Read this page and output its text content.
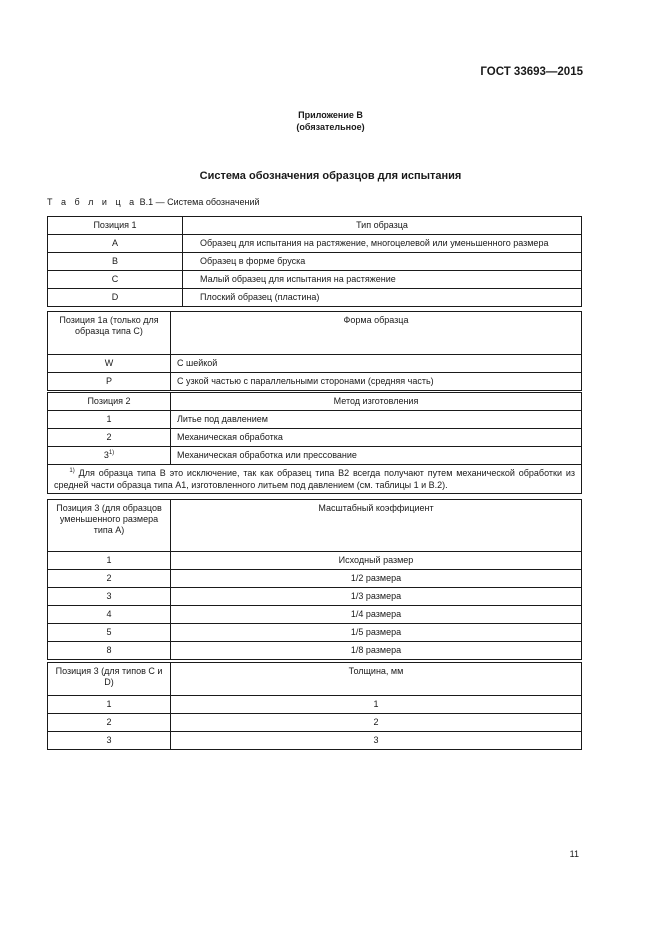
ГОСТ 33693—2015
Приложение В
(обязательное)
Система обозначения образцов для испытания
Т а б л и ц а В.1 — Система обозначений
Позиция 1	Тип образца
A	Образец для испытания на растяжение, многоцелевой или уменьшенного размера
B	Образец в форме бруска
C	Малый образец для испытания на растяжение
D	Плоский образец (пластина)
Позиция 1а (только для образца типа С)	Форма образца
W	С шейкой
P	С узкой частью с параллельными сторонами (средняя часть)
Позиция 2	Метод изготовления
1	Литье под давлением
2	Механическая обработка
3$^{1)}$	Механическая обработка или прессование
$^{1)}$ Для образца типа В это исключение, так как образец типа В2 всегда получают путем механической обработки из средней части образца типа А1, изготовленного литьем под давлением (см. таблицы 1 и В.2).	
Позиция 3 (для образцов уменьшенного размера типа А)	Масштабный коэффициент
1	Исходный размер
2	1/2 размера
3	1/3 размера
4	1/4 размера
5	1/5 размера
8	1/8 размера
Позиция 3 (для типов С и D)	Толщина, мм
1	1
2	2
3	3
11
